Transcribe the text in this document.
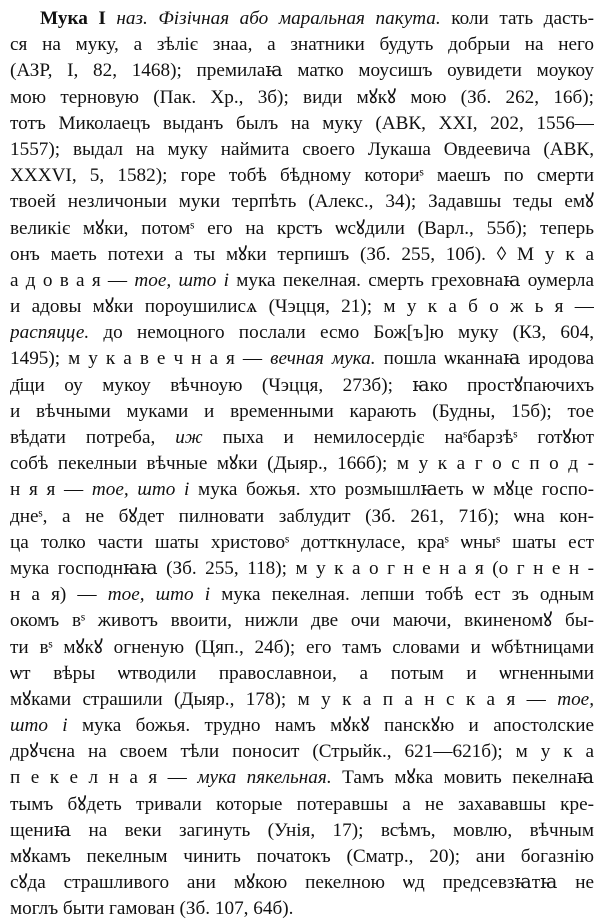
Мука I наз. Фізічная або маральная пакута. коли тать дасть-
ся на муку, а зѣліє знаа, а знатники будуть добрыи на него
(АЗР, I, 82, 1468); премилаꙗ матко моусишъ оувидети моукоу
мою терновую (Пак. Хр., 3б); види мꙋкꙋ мою (Зб. 262, 16б);
тотъ Миколаецъ выданъ былъ на муку (АВК, XXI, 202, 1556—
1557); выдал на муку наймита своего Лукаша Овдеевича (АВК,
XXXVI, 5, 1582); горе тобѣ бѣдному коториˢ маешъ по смерти
твоей незличоныи муки терпѣть (Алекс., 34); Задавшы теды емꙋ
великіє мꙋки, потомˢ его на крстъ ѡсꙋдили (Варл., 55б); теперь
онъ маеть потехи а ты мꙋки терпишъ (Зб. 255, 10б). ◊ М у к а
а д о в а я — тое, што і мука пекелная. смерть греховнаꙗ оумерла
и адовы мꙋки пороушилисѧ (Чэцця, 21); м у к а б о ж ь я —
распяцце. до немоцного послали есмо Бож[ъ]ю муку (КЗ, 604,
1495); м у к а в е ч н а я — вечная мука. пошла ѡканнаꙗ иродова
д҃щи оу мукоу вѣчноую (Чэцця, 273б); ꙗко простꙋпаючихъ
и вѣчными муками и временными карають (Будны, 15б); тое
вѣдати потреба, иж пыха и немилосердіє наˢбарзѣˢ готꙋют
собѣ пекелныи вѣчные мꙋки (Дыяр., 166б); м у к а г о с п о д -
н я я — тое, што і мука божья. хто розмышлꙗеть ѡ мꙋце госпо-
днеˢ, а не бꙋдет пилновати заблудит (Зб. 261, 71б); ѡна кон-
ца толко части шаты христовоˢ дотткнуласе, краˢ ѡныˢ шаты ест
мука господнꙗꙗ (Зб. 255, 118); м у к а о г н е н а я (о г н е н -
н а я) — тое, што і мука пекелная. лепши тобѣ ест зъ одным
окомъ вˢ животъ ввоити, нижли две очи маючи, вкиненомꙋ бы-
ти вˢ мꙋкꙋ огненую (Цяп., 24б); его тамъ словами и ѡбѣтницами
ѡт вѣры ѡтводили православнои, а потым и ѡгненными
мꙋками страшили (Дыяр., 178); м у к а п а н с к а я — тое,
што і мука божья. трудно намъ мꙋкꙋ панскꙋю и апостолские
дрꙋчєна на своем тѣли поносит (Стрыйк., 621—621б); м у к а
п е к е л н а я — мука пякельная. Тамъ мꙋка мовить пекелнаꙗ
тымъ бꙋдеть тривали которые потеравшы а не захававшы кре-
щениꙗ на веки загинуть (Унія, 17); всѣмъ, мовлю, вѣчным
мꙋкамъ пекелным чинить початокъ (Сматр., 20); ани богазнію
сꙋда страшливого ани мꙋкою пекелною ѡд предсевзꙗтꙗ не
моглъ быти гамован (Зб. 107, 64б).
